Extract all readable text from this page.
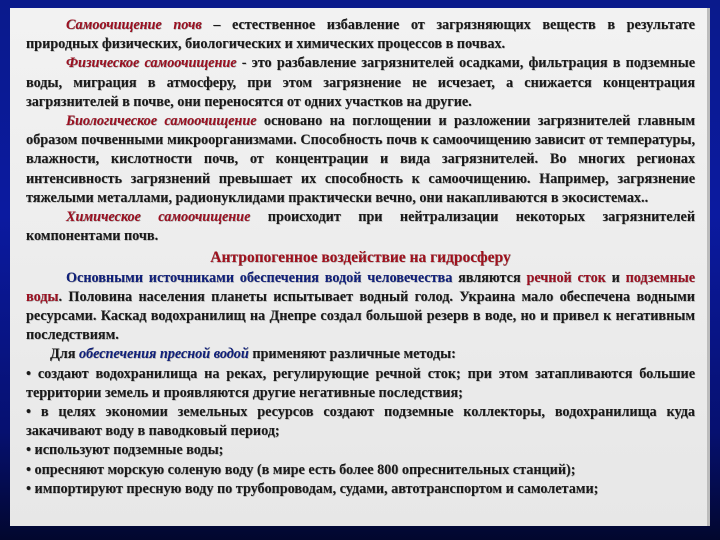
Самоочищение почв – естественное избавление от загрязняющих веществ в результате природных физических, биологических и химических процессов в почвах.

Физическое самоочищение - это разбавление загрязнителей осадками, фильтрация в подземные воды, миграция в атмосферу, при этом загрязнение не исчезает, а снижается концентрация загрязнителей в почве, они переносятся от одних участков на другие.

Биологическое самоочищение основано на поглощении и разложении загрязнителей главным образом почвенными микроорганизмами. Способность почв к самоочищению зависит от температуры, влажности, кислотности почв, от концентрации и вида загрязнителей. Во многих регионах интенсивность загрязнений превышает их способность к самоочищению. Например, загрязнение тяжелыми металлами, радионуклидами практически вечно, они накапливаются в экосистемах..

Химическое самоочищение происходит при нейтрализации некоторых загрязнителей компонентами почв.

Антропогенное воздействие на гидросферу

Основными источниками обеспечения водой человечества являются речной сток и подземные воды. Половина населения планеты испытывает водный голод. Украина мало обеспечена водными ресурсами. Каскад водохранилищ на Днепре создал большой резерв в воде, но и привел к негативным последствиям.

Для обеспечения пресной водой применяют различные методы:

• создают водохранилища на реках, регулирующие речной сток; при этом затапливаются большие территории земель и проявляются другие негативные последствия;

• в целях экономии земельных ресурсов создают подземные коллекторы, водохранилища куда закачивают воду в паводковый период;

• используют подземные воды;

• опресняют морскую соленую воду (в мире есть более 800 опреснительных станций);

• импортируют пресную воду по трубопроводам, судами, автотранспортом и самолетами;
